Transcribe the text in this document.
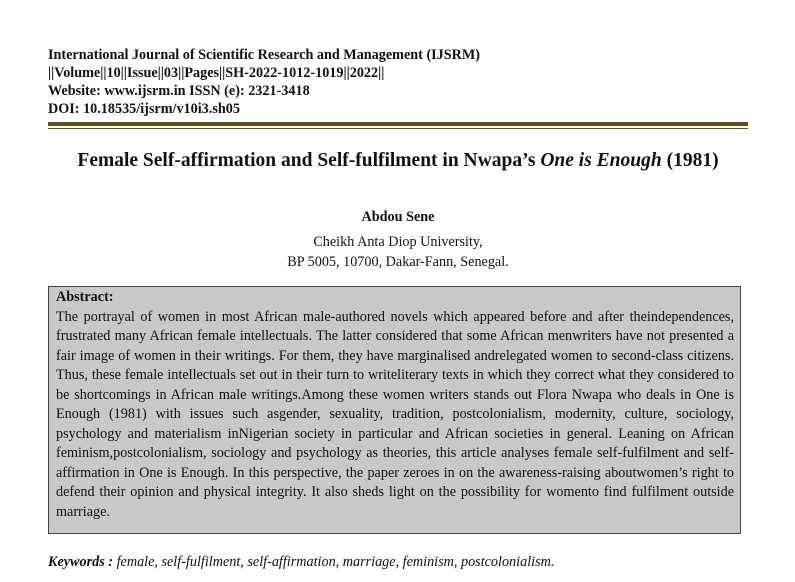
International Journal of Scientific Research and Management (IJSRM)
||Volume||10||Issue||03||Pages||SH-2022-1012-1019||2022||
Website: www.ijsrm.in ISSN (e): 2321-3418
DOI: 10.18535/ijsrm/v10i3.sh05
Female Self-affirmation and Self-fulfilment in Nwapa’s One is Enough (1981)
Abdou Sene
Cheikh Anta Diop University,
BP 5005, 10700, Dakar-Fann, Senegal.
Abstract:
The portrayal of women in most African male-authored novels which appeared before and after theindependences, frustrated many African female intellectuals. The latter considered that some African menwriters have not presented a fair image of women in their writings. For them, they have marginalised andrelegated women to second-class citizens. Thus, these female intellectuals set out in their turn to writeliterary texts in which they correct what they considered to be shortcomings in African male writings.Among these women writers stands out Flora Nwapa who deals in One is Enough (1981) with issues such asgender, sexuality, tradition, postcolonialism, modernity, culture, sociology, psychology and materialism inNigerian society in particular and African societies in general. Leaning on African feminism,postcolonialism, sociology and psychology as theories, this article analyses female self-fulfilment and self-affirmation in One is Enough. In this perspective, the paper zeroes in on the awareness-raising aboutwomen’s right to defend their opinion and physical integrity. It also sheds light on the possibility for womento find fulfilment outside marriage.
Keywords : female, self-fulfilment, self-affirmation, marriage, feminism, postcolonialism.
